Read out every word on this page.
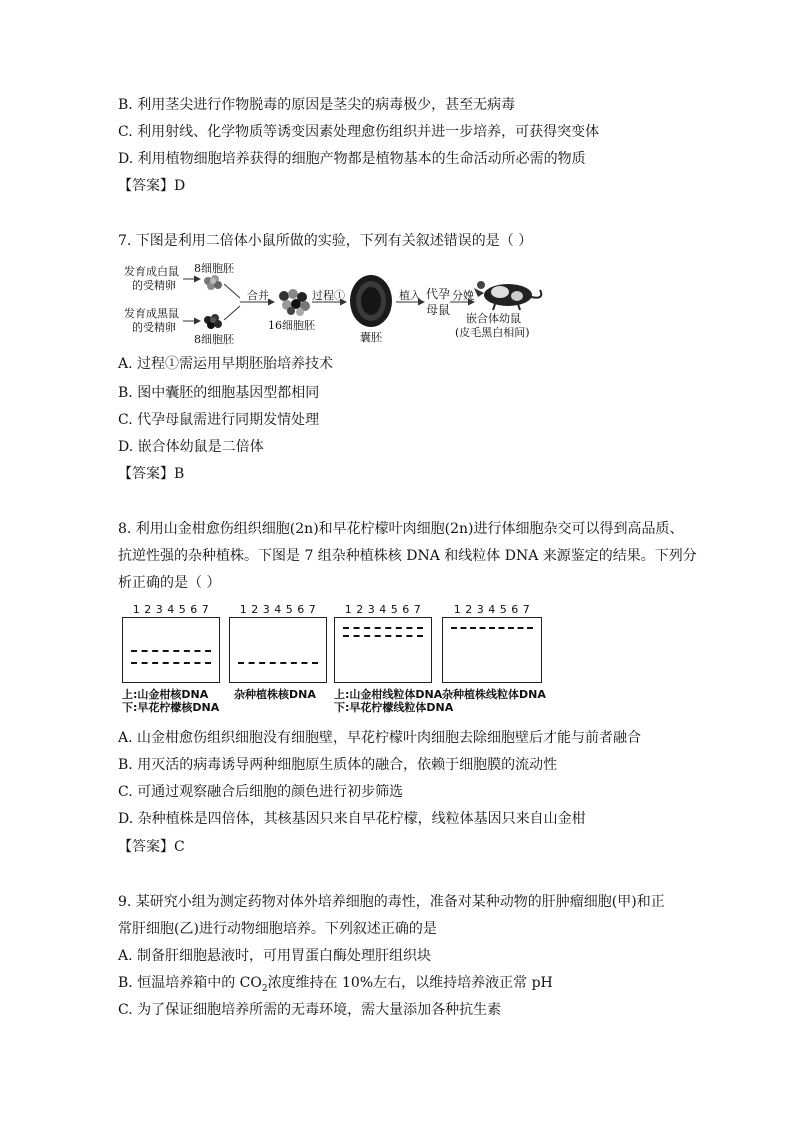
B. 利用茎尖进行作物脱毒的原因是茎尖的病毒极少，甚至无病毒
C. 利用射线、化学物质等诱变因素处理愈伤组织并进一步培养，可获得突变体
D. 利用植物细胞培养获得的细胞产物都是植物基本的生命活动所必需的物质
【答案】D
7. 下图是利用二倍体小鼠所做的实验，下列有关叙述错误的是（ ）
发育成白鼠
的受精卵
发育成黑鼠
的受精卵
8细胞胚
8细胞胚
合并
16细胞胚
过程①
囊胚
植入 代孕 分娩
母鼠
嵌合体幼鼠
(皮毛黑白相间)
A. 过程①需运用早期胚胎培养技术
B. 图中囊胚的细胞基因型都相同
C. 代孕母鼠需进行同期发情处理
D. 嵌合体幼鼠是二倍体
【答案】B
8. 利用山金柑愈伤组织细胞(2n)和早花柠檬叶肉细胞(2n)进行体细胞杂交可以得到高品质、
抗逆性强的杂种植株。下图是 7 组杂种植株核 DNA 和线粒体 DNA 来源鉴定的结果。下列分
析正确的是（ ）
1 2 3 4 5 6 7
上:山金柑核DNA
下:早花柠檬核DNA
1 2 3 4 5 6 7
杂种植株核DNA
1 2 3 4 5 6 7
上:山金柑线粒体DNA
下:早花柠檬线粒体DNA
1 2 3 4 5 6 7
杂种植株线粒体DNA
A. 山金柑愈伤组织细胞没有细胞壁，早花柠檬叶肉细胞去除细胞壁后才能与前者融合
B. 用灭活的病毒诱导两种细胞原生质体的融合，依赖于细胞膜的流动性
C. 可通过观察融合后细胞的颜色进行初步筛选
D. 杂种植株是四倍体，其核基因只来自早花柠檬，线粒体基因只来自山金柑
【答案】C
9. 某研究小组为测定药物对体外培养细胞的毒性，准备对某种动物的肝肿瘤细胞(甲)和正
常肝细胞(乙)进行动物细胞培养。下列叙述正确的是
A. 制备肝细胞悬液时，可用胃蛋白酶处理肝组织块
B. 恒温培养箱中的 $CO_2$浓度维持在 10%左右，以维持培养液正常 pH
C. 为了保证细胞培养所需的无毒环境，需大量添加各种抗生素
